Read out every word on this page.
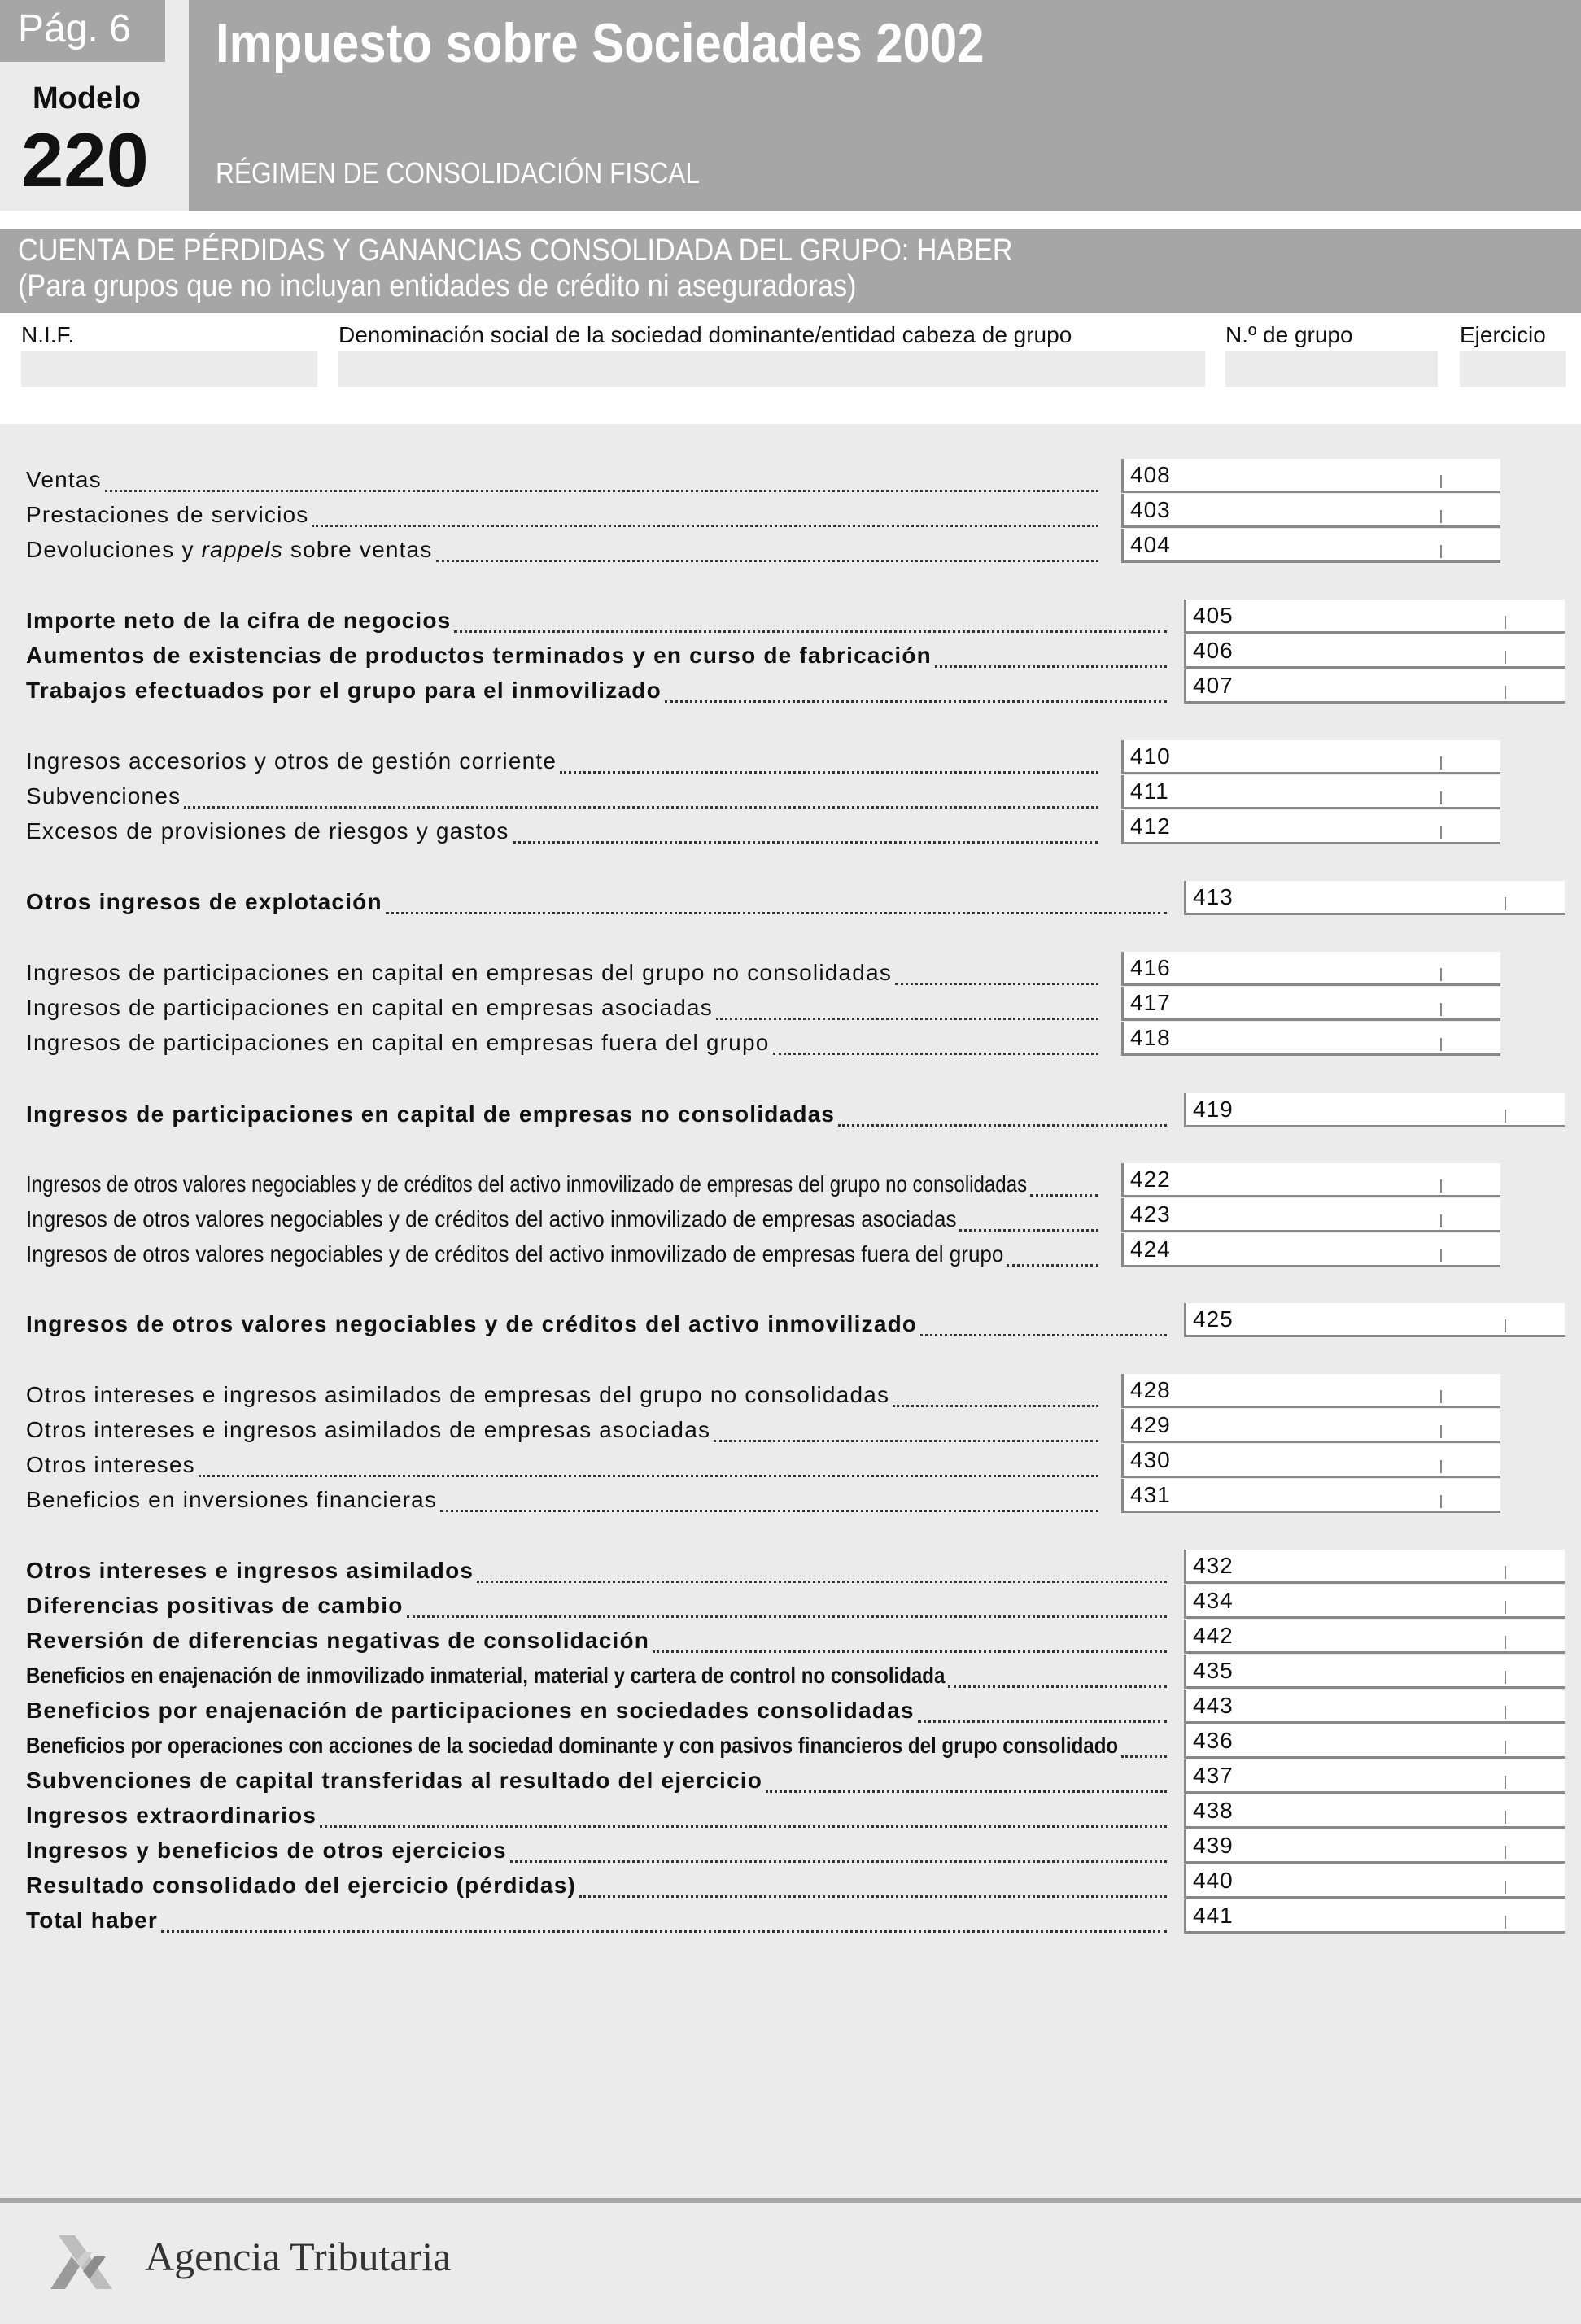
Pág. 6
Modelo
220
Impuesto sobre Sociedades 2002
RÉGIMEN DE CONSOLIDACIÓN FISCAL
CUENTA DE PÉRDIDAS Y GANANCIAS CONSOLIDADA DEL GRUPO: HABER
(Para grupos que no incluyan entidades de crédito ni aseguradoras)
N.I.F.	Denominación social de la sociedad dominante/entidad cabeza de grupo	N.º de grupo	Ejercicio
Ventas	408
Prestaciones de servicios	403
Devoluciones y rappels sobre ventas	404
Importe neto de la cifra de negocios	405
Aumentos de existencias de productos terminados y en curso de fabricación	406
Trabajos efectuados por el grupo para el inmovilizado	407
Ingresos accesorios y otros de gestión corriente	410
Subvenciones	411
Excesos de provisiones de riesgos y gastos	412
Otros ingresos de explotación	413
Ingresos de participaciones en capital en empresas del grupo no consolidadas	416
Ingresos de participaciones en capital en empresas asociadas	417
Ingresos de participaciones en capital en empresas fuera del grupo	418
Ingresos de participaciones en capital de empresas no consolidadas	419
Ingresos de otros valores negociables y de créditos del activo inmovilizado de empresas del grupo no consolidadas	422
Ingresos de otros valores negociables y de créditos del activo inmovilizado de empresas asociadas	423
Ingresos de otros valores negociables y de créditos del activo inmovilizado de empresas fuera del grupo	424
Ingresos de otros valores negociables y de créditos del activo inmovilizado	425
Otros intereses e ingresos asimilados de empresas del grupo no consolidadas	428
Otros intereses e ingresos asimilados de empresas asociadas	429
Otros intereses	430
Beneficios en inversiones financieras	431
Otros intereses e ingresos asimilados	432
Diferencias positivas de cambio	434
Reversión de diferencias negativas de consolidación	442
Beneficios en enajenación de inmovilizado inmaterial, material y cartera de control no consolidada	435
Beneficios por enajenación de participaciones en sociedades consolidadas	443
Beneficios por operaciones con acciones de la sociedad dominante y con pasivos financieros del grupo consolidado	436
Subvenciones de capital transferidas al resultado del ejercicio	437
Ingresos extraordinarios	438
Ingresos y beneficios de otros ejercicios	439
Resultado consolidado del ejercicio (pérdidas)	440
Total haber	441
Agencia Tributaria
